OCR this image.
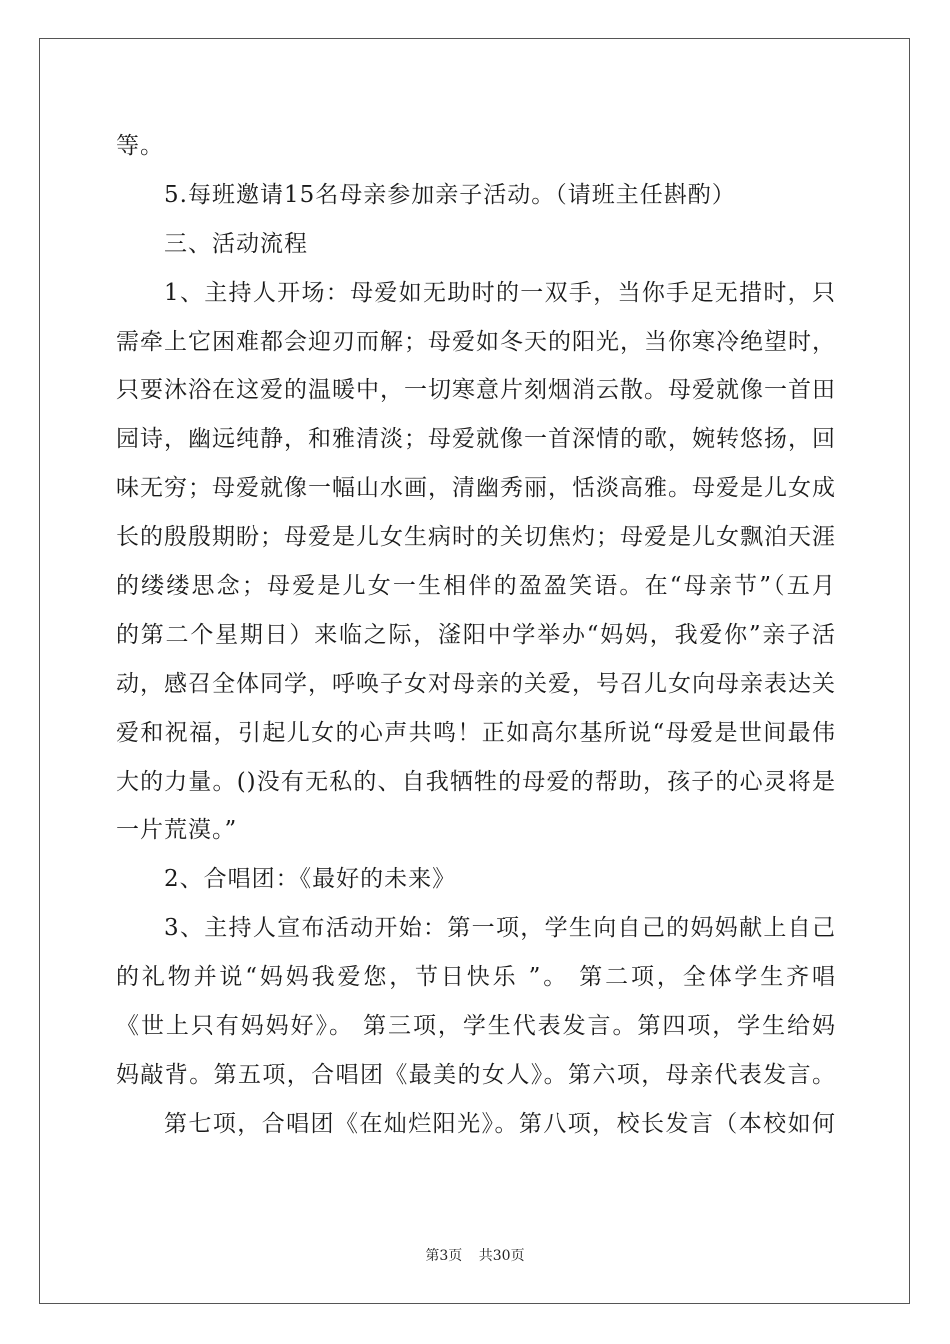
等。
5.每班邀请15名母亲参加亲子活动。（请班主任斟酌）
三、活动流程
1、主持人开场：母爱如无助时的一双手，当你手足无措时，只
需牵上它困难都会迎刃而解；母爱如冬天的阳光，当你寒冷绝望时，
只要沐浴在这爱的温暖中，一切寒意片刻烟消云散。母爱就像一首田
园诗，幽远纯静，和雅清淡；母爱就像一首深情的歌，婉转悠扬，回
味无穷；母爱就像一幅山水画，清幽秀丽，恬淡高雅。母爱是儿女成
长的殷殷期盼；母爱是儿女生病时的关切焦灼；母爱是儿女飘泊天涯
的缕缕思念；母爱是儿女一生相伴的盈盈笑语。在“母亲节”（五月
的第二个星期日）来临之际，滏阳中学举办“妈妈，我爱你”亲子活
动，感召全体同学，呼唤子女对母亲的关爱，号召儿女向母亲表达关
爱和祝福，引起儿女的心声共鸣！正如高尔基所说“母爱是世间最伟
大的力量。()没有无私的、自我牺牲的母爱的帮助，孩子的心灵将是
一片荒漠。”
2、合唱团：《最好的未来》
3、主持人宣布活动开始：第一项，学生向自己的妈妈献上自己
的礼物并说“妈妈我爱您，节日快乐 ”。 第二项，全体学生齐唱
《世上只有妈妈好》。 第三项，学生代表发言。第四项，学生给妈
妈敲背。第五项，合唱团《最美的女人》。第六项，母亲代表发言。
第七项，合唱团《在灿烂阳光》。第八项，校长发言（本校如何
第3页 共30页
